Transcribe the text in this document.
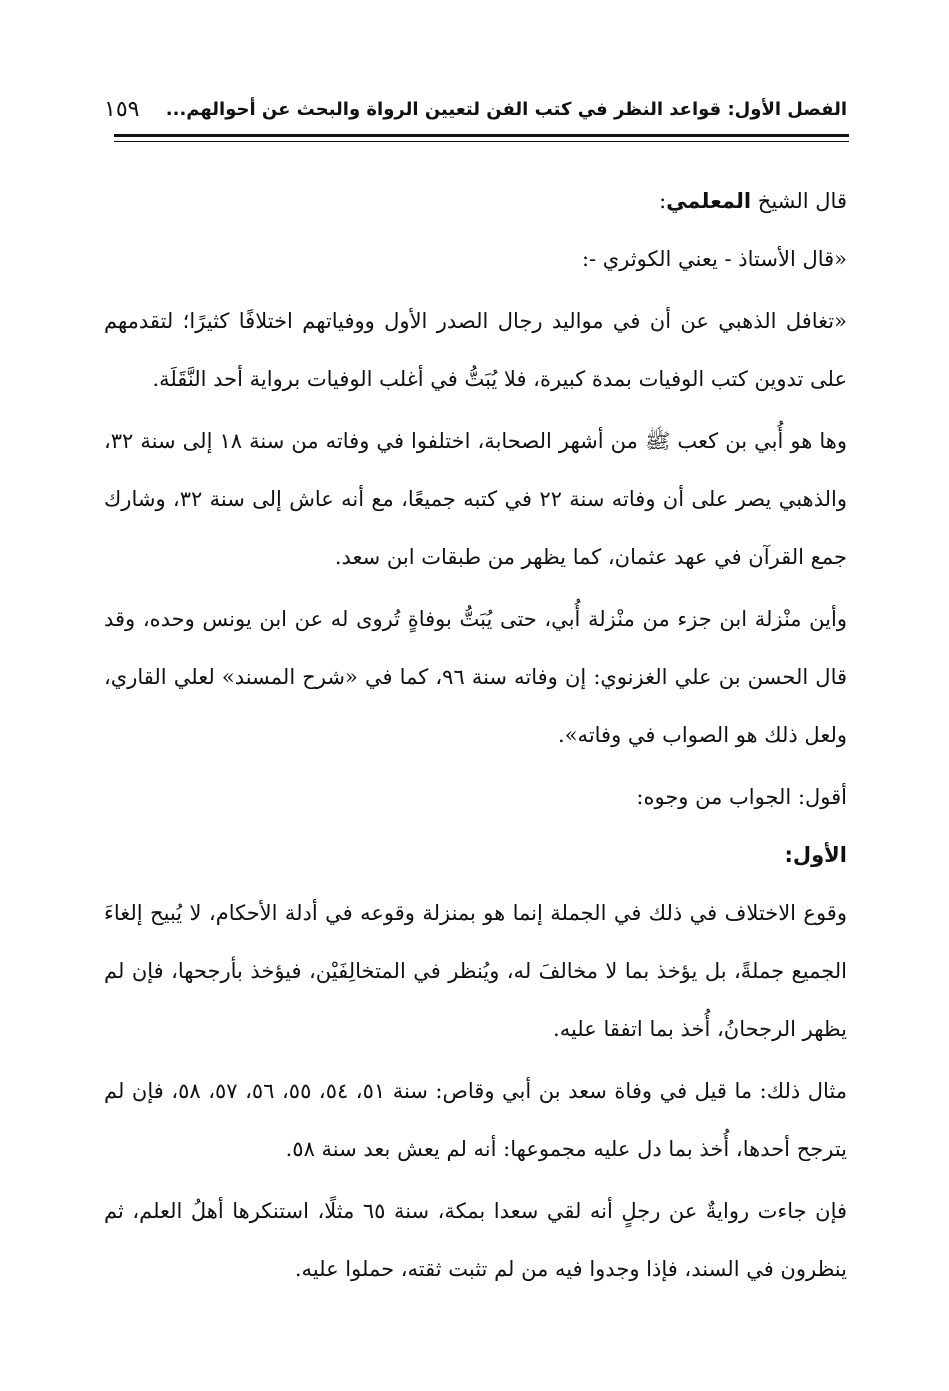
الفصل الأول: قواعد النظر في كتب الفن لتعيين الرواة والبحث عن أحوالهم...
١٥٩

قال الشيخ المعلمي:

«قال الأستاذ - يعني الكوثري -:

«تغافل الذهبي عن أن في مواليد رجال الصدر الأول ووفياتهم اختلافًا كثيرًا؛ لتقدمهم على تدوين كتب الوفيات بمدة كبيرة، فلا يُبَتُّ في أغلب الوفيات برواية أحد النَّقَلَة.

وها هو أُبي بن كعب ﷺ من أشهر الصحابة، اختلفوا في وفاته من سنة ١٨ إلى سنة ٣٢، والذهبي يصر على أن وفاته سنة ٢٢ في كتبه جميعًا، مع أنه عاش إلى سنة ٣٢، وشارك جمع القرآن في عهد عثمان، كما يظهر من طبقات ابن سعد.

وأين منْزلة ابن جزء من منْزلة أُبي، حتى يُبَتُّ بوفاةٍ تُروى له عن ابن يونس وحده، وقد قال الحسن بن علي الغزنوي: إن وفاته سنة ٩٦، كما في «شرح المسند» لعلي القاري، ولعل ذلك هو الصواب في وفاته».

أقول: الجواب من وجوه:

الأول:

وقوع الاختلاف في ذلك في الجملة إنما هو بمنزلة وقوعه في أدلة الأحكام، لا يُبيح إلغاءَ الجميع جملةً، بل يؤخذ بما لا مخالفَ له، ويُنظر في المتخالِفَيْن، فيؤخذ بأرجحها، فإن لم يظهر الرجحانُ، أُخذ بما اتفقا عليه.

مثال ذلك: ما قيل في وفاة سعد بن أبي وقاص: سنة ٥١، ٥٤، ٥٥، ٥٦، ٥٧، ٥٨، فإن لم يترجح أحدها، أُخذ بما دل عليه مجموعها: أنه لم يعش بعد سنة ٥٨.

فإن جاءت روايةٌ عن رجلٍ أنه لقي سعدا بمكة، سنة ٦٥ مثلًا، استنكرها أهلُ العلم، ثم ينظرون في السند، فإذا وجدوا فيه من لم تثبت ثقته، حملوا عليه.
